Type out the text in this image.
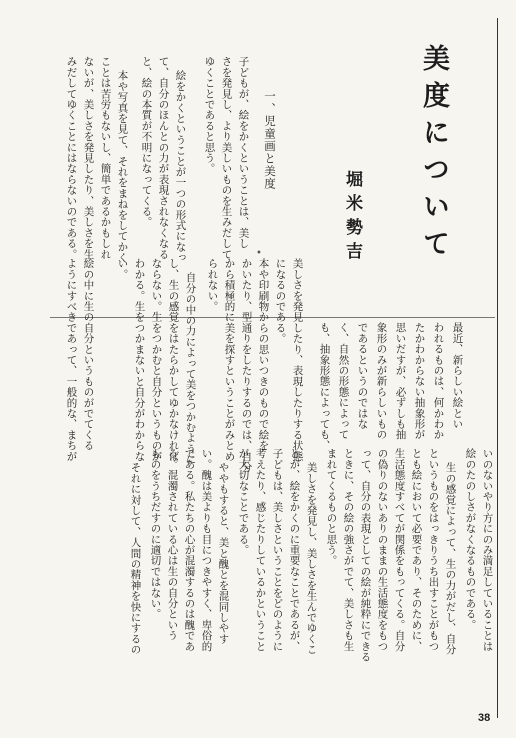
美度について
堀米勢吉
一、児童画と美度
子どもが、絵をかくということは、美し
さを発見し、より美しいものを生みだして
ゆくことであると思う。
絵をかくということが一つの形式になっ
て、自分のほんとの力が表現されなくなる
と、絵の本質が不明になってくる。
本や写真を見て、それをまねをしてかく
ことは苦労もないし、簡単であるかもしれ
ないが、美しさを発見したり、美しさを生
みだしてゆくことにはならないのである。
美しさを発見したり、表現したりする状態
になるのである。
•
本や印刷物からの思いつきのもので絵を
かいたり、型通りをしたりするのでは、自分
から積極的に美を探すということがみとめ
られない。
自分の中の力によって美をつかむように
し、生の感覚をはたらかしてゆかなければ
ならない。生をつかむと自分というものが
わかる。生をつかまないと自分がわからな
い。
絵の中に生の自分というものがでてくる
ようにすべきであって、一般的な、まちが	最近、新らしい絵とい
われるものは、何かわか
たかわからない抽象形が
思いだすが、必ずしも抽
象形のみが新らしいもの
であるというのではな
く、自然の形態によって
も、抽象形態によっても、
いのないやり方にのみ満足していることは
絵のたのしさがなくなるものである。
生の感覚によって、生の力がだし、自分
というものをはっきりうち出すことがもつ
とも絵において必要であり、そのために、
生活態度すべてが関係をもってくる。自分
の偽りのないありのままの生活態度をもつ
って、自分の表現としての絵が純粋にできる
ときに、その絵の強さがでて、美しさも生
まれてくるものと思う。
美しさを発見し、美しさを生んでゆくこ
とが、絵をかくのに重要なことであるが、
子どもは、美しさということをどのように
考えたり、感じたりしているかということ
が大切なことである。
ややもすると、美と醜とを混同しやす
い。醜は美よりも目につきやすく、卑俗的
である。私たちの心が混濁するのは醜であ
る。混濁されている心は生の自分という
ものをうちだすのに適切ではない。
それに対して、人間の精神を快にするの
38
